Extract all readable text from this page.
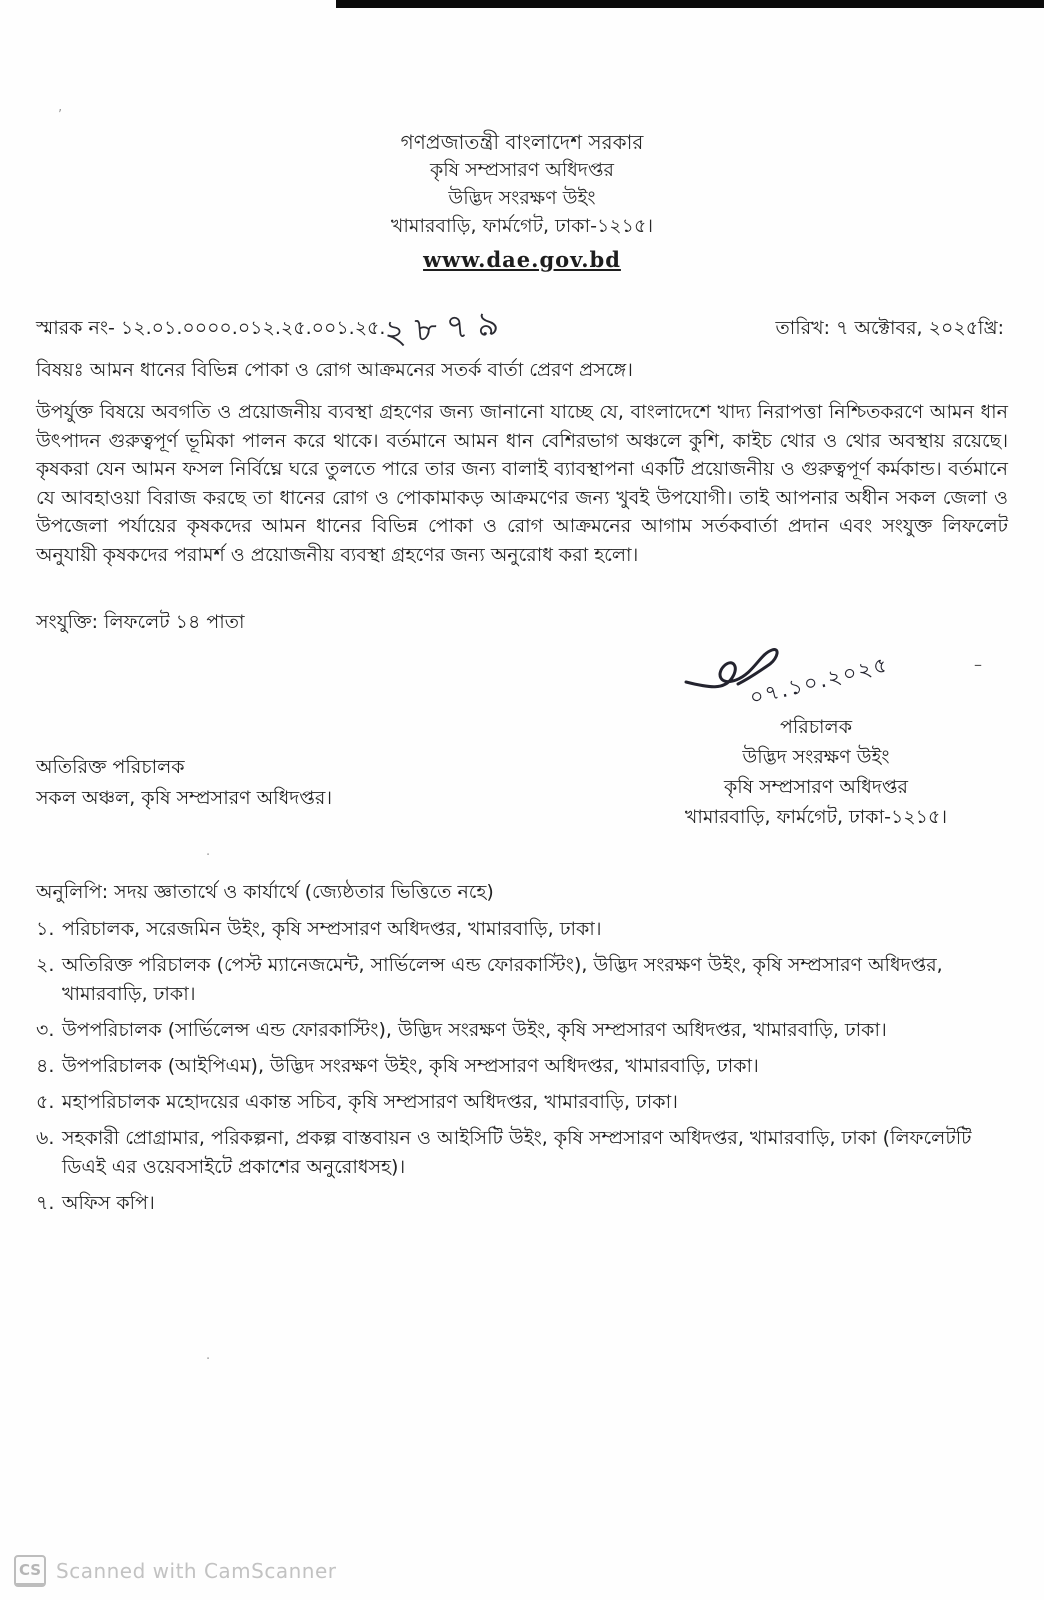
’
·
·
গণপ্রজাতন্ত্রী বাংলাদেশ সরকার
কৃষি সম্প্রসারণ অধিদপ্তর
উদ্ভিদ সংরক্ষণ উইং
খামারবাড়ি, ফার্মগেট, ঢাকা-১২১৫।
www.dae.gov.bd
স্মারক নং- ১২.০১.০০০০.০১২.২৫.০০১.২৫.
২৮৭৯	তারিখ: ৭ অক্টোবর, ২০২৫খ্রি:
বিষয়ঃ আমন ধানের বিভিন্ন পোকা ও রোগ আক্রমনের সতর্ক বার্তা প্রেরণ প্রসঙ্গে।
উপর্যুক্ত বিষয়ে অবগতি ও প্রয়োজনীয় ব্যবস্থা গ্রহণের জন্য জানানো যাচ্ছে যে, বাংলাদেশে খাদ্য নিরাপত্তা নিশ্চিতকরণে আমন ধান উৎপাদন গুরুত্বপূর্ণ ভূমিকা পালন করে থাকে। বর্তমানে আমন ধান বেশিরভাগ অঞ্চলে কুশি, কাইচ থোর ও থোর অবস্থায় রয়েছে। কৃষকরা যেন আমন ফসল নির্বিঘ্নে ঘরে তুলতে পারে তার জন্য বালাই ব্যাবস্থাপনা একটি প্রয়োজনীয় ও গুরুত্বপূর্ণ কর্মকান্ড। বর্তমানে যে আবহাওয়া বিরাজ করছে তা ধানের রোগ ও পোকামাকড় আক্রমণের জন্য খুবই উপযোগী। তাই আপনার অধীন সকল জেলা ও উপজেলা পর্যায়ের কৃষকদের আমন ধানের বিভিন্ন পোকা ও রোগ আক্রমনের আগাম সর্তকবার্তা প্রদান এবং সংযুক্ত লিফলেট অনুযায়ী কৃষকদের পরামর্শ ও প্রয়োজনীয় ব্যবস্থা গ্রহণের জন্য অনুরোধ করা হলো।
সংযুক্তি: লিফলেট ১৪ পাতা
০৭.১০.২০২৫	–
পরিচালক
উদ্ভিদ সংরক্ষণ উইং
কৃষি সম্প্রসারণ অধিদপ্তর
খামারবাড়ি, ফার্মগেট, ঢাকা-১২১৫।
অতিরিক্ত পরিচালক
সকল অঞ্চল, কৃষি সম্প্রসারণ অধিদপ্তর।
অনুলিপি: সদয় জ্ঞাতার্থে ও কার্যার্থে (জ্যেষ্ঠতার ভিত্তিতে নহে)
১. পরিচালক, সরেজমিন উইং, কৃষি সম্প্রসারণ অধিদপ্তর, খামারবাড়ি, ঢাকা।
২. অতিরিক্ত পরিচালক (পেস্ট ম্যানেজমেন্ট, সার্ভিলেন্স এন্ড ফোরকাস্টিং), উদ্ভিদ সংরক্ষণ উইং, কৃষি সম্প্রসারণ অধিদপ্তর, খামারবাড়ি, ঢাকা।
৩. উপপরিচালক (সার্ভিলেন্স এন্ড ফোরকাস্টিং), উদ্ভিদ সংরক্ষণ উইং, কৃষি সম্প্রসারণ অধিদপ্তর, খামারবাড়ি, ঢাকা।
৪. উপপরিচালক (আইপিএম), উদ্ভিদ সংরক্ষণ উইং, কৃষি সম্প্রসারণ অধিদপ্তর, খামারবাড়ি, ঢাকা।
৫. মহাপরিচালক মহোদয়ের একান্ত সচিব, কৃষি সম্প্রসারণ অধিদপ্তর, খামারবাড়ি, ঢাকা।
৬. সহকারী প্রোগ্রামার, পরিকল্পনা, প্রকল্প বাস্তবায়ন ও আইসিটি উইং, কৃষি সম্প্রসারণ অধিদপ্তর, খামারবাড়ি, ঢাকা (লিফলেটটি ডিএই এর ওয়েবসাইটে প্রকাশের অনুরোধসহ)।
৭. অফিস কপি।
CS Scanned with CamScanner
